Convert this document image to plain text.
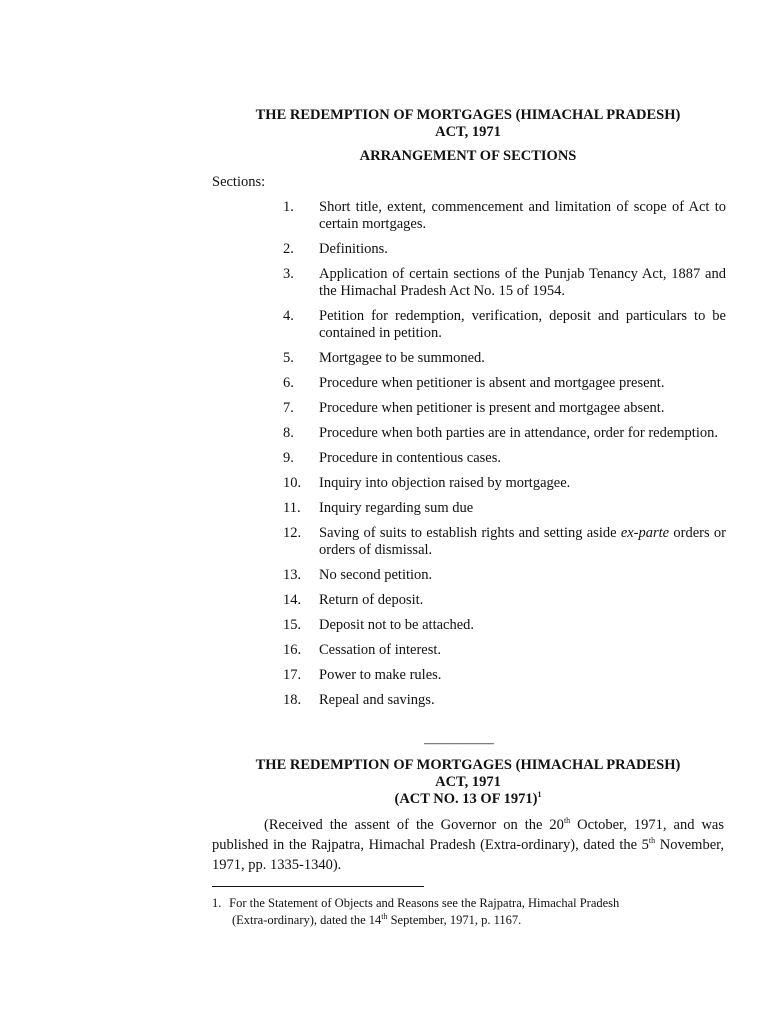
THE REDEMPTION OF MORTGAGES (HIMACHAL PRADESH)
ACT, 1971
ARRANGEMENT OF SECTIONS
Sections:
1.	Short title, extent, commencement and limitation of scope of Act to certain mortgages.
2.	Definitions.
3.	Application of certain sections of the Punjab Tenancy Act, 1887 and the Himachal Pradesh Act No. 15 of 1954.
4.	Petition for redemption, verification, deposit and particulars to be contained in petition.
5.	Mortgagee to be summoned.
6.	Procedure when petitioner is absent and mortgagee present.
7.	Procedure when petitioner is present and mortgagee absent.
8.	Procedure when both parties are in attendance, order for redemption.
9.	Procedure in contentious cases.
10.	Inquiry into objection raised by mortgagee.
11.	Inquiry regarding sum due
12.	Saving of suits to establish rights and setting aside ex-parte orders or orders of dismissal.
13.	No second petition.
14.	Return of deposit.
15.	Deposit not to be attached.
16.	Cessation of interest.
17.	Power to make rules.
18.	Repeal and savings.
—————
THE REDEMPTION OF MORTGAGES (HIMACHAL PRADESH)
ACT, 1971
(ACT NO. 13 OF 1971)$^1$
(Received the assent of the Governor on the 20th October, 1971, and was published in the Rajpatra, Himachal Pradesh (Extra-ordinary), dated the 5th November, 1971, pp. 1335-1340).
1. For the Statement of Objects and Reasons see the Rajpatra, Himachal Pradesh
(Extra-ordinary), dated the 14th September, 1971, p. 1167.
